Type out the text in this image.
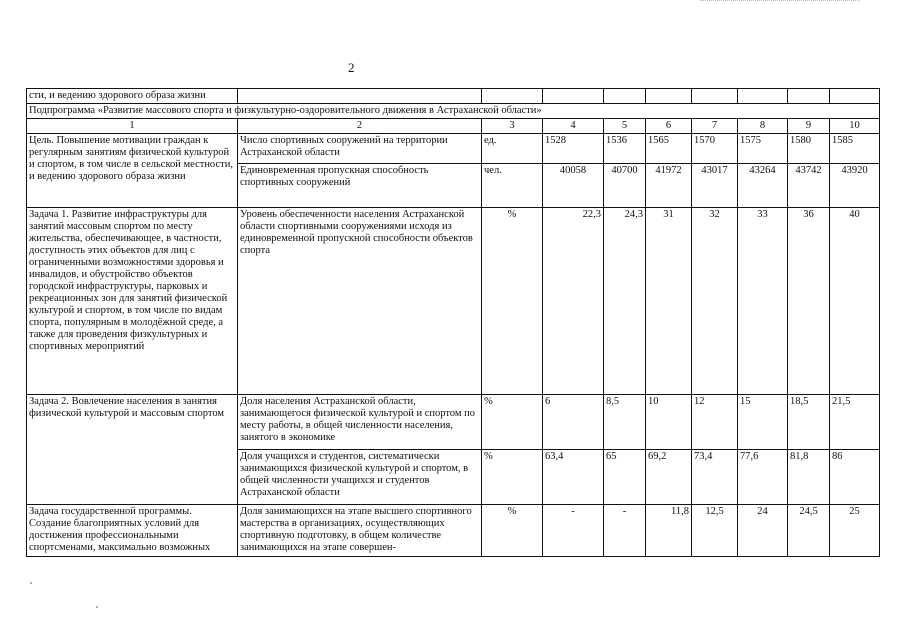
2
сти, и ведению здорового образа жизни									
Подпрограмма «Развитие массового спорта и физкультурно-оздоровительного движения в Астраханской области»									
1	2	3	4	5	6	7	8	9	10
Цель. Повышение мотивации граждан к регулярным занятиям физической культурой и спортом, в том числе в сельской местности, и ведению здорового образа жизни	Число спортивных сооружений на территории Астраханской области	ед.	1528	1536	1565	1570	1575	1580	1585
	Единовременная пропускная способность спортивных сооружений	чел.	40058	40700	41972	43017	43264	43742	43920
Задача 1. Развитие инфраструктуры для занятий массовым спортом по месту жительства, обеспечивающее, в частности, доступность этих объектов для лиц с ограниченными возможностями здоровья и инвалидов, и обустройство объектов городской инфраструктуры, парковых и рекреационных зон для занятий физической культурой и спортом, в том числе по видам спорта, популярным в молодёжной среде, а также для проведения физкультурных и спортивных мероприятий	Уровень обеспеченности населения Астраханской области спортивными сооружениями исходя из единовременной пропускной способности объектов спорта	%	22,3	24,3	31	32	33	36	40
Задача 2. Вовлечение населения в занятия физической культурой и массовым спортом	Доля населения Астраханской области, занимающегося физической культурой и спортом по месту работы, в общей численности населения, занятого в экономике	%	6	8,5	10	12	15	18,5	21,5
	Доля учащихся и студентов, систематически занимающихся физической культурой и спортом, в общей численности учащихся и студентов Астраханской области	%	63,4	65	69,2	73,4	77,6	81,8	86
Задача государственной программы. Создание благоприятных условий для достижения профессиональными спортсменами, максимально возможных	Доля занимающихся на этапе высшего спортивного мастерства в организациях, осуществляющих спортивную подготовку, в общем количестве занимающихся на этапе совершен-	%	-	-	11,8	12,5	24	24,5	25
